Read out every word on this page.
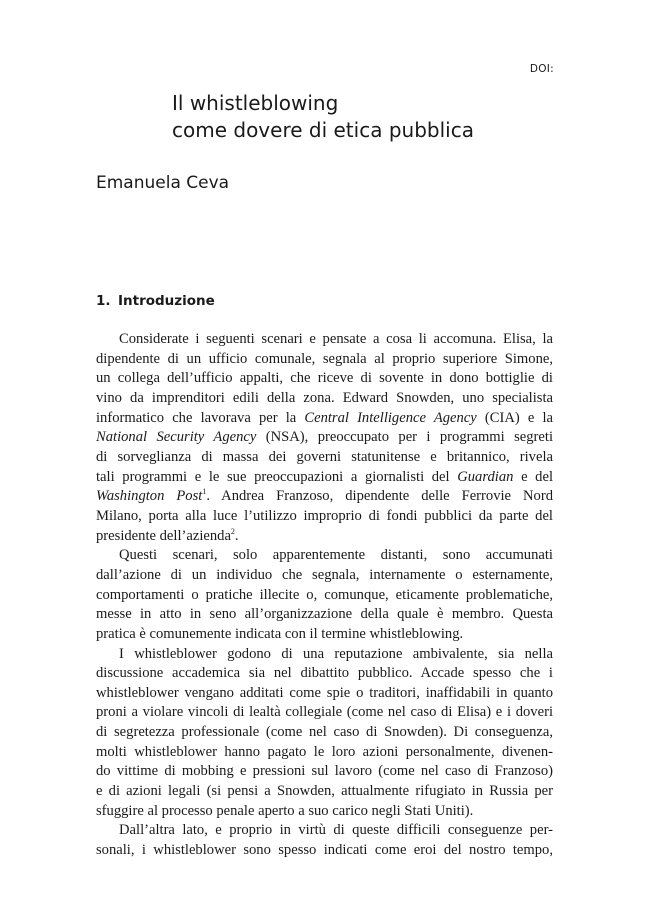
DOI:
Il whistleblowing
come dovere di etica pubblica
Emanuela Ceva
1. Introduzione
Considerate i seguenti scenari e pensate a cosa li accomuna. Elisa, la
dipendente di un ufficio comunale, segnala al proprio superiore Simone,
un collega dell’ufficio appalti, che riceve di sovente in dono bottiglie di
vino da imprenditori edili della zona. Edward Snowden, uno specialista
informatico che lavorava per la Central Intelligence Agency (CIA) e la
National Security Agency (NSA), preoccupato per i programmi segreti
di sorveglianza di massa dei governi statunitense e britannico, rivela
tali programmi e le sue preoccupazioni a giornalisti del Guardian e del
Washington Post$^1$. Andrea Franzoso, dipendente delle Ferrovie Nord
Milano, porta alla luce l’utilizzo improprio di fondi pubblici da parte del
presidente dell’azienda$^2$.
Questi scenari, solo apparentemente distanti, sono accumunati
dall’azione di un individuo che segnala, internamente o esternamente,
comportamenti o pratiche illecite o, comunque, eticamente problematiche,
messe in atto in seno all’organizzazione della quale è membro. Questa
pratica è comunemente indicata con il termine whistleblowing.
I whistleblower godono di una reputazione ambivalente, sia nella
discussione accademica sia nel dibattito pubblico. Accade spesso che i
whistleblower vengano additati come spie o traditori, inaffidabili in quanto
proni a violare vincoli di lealtà collegiale (come nel caso di Elisa) e i doveri
di segretezza professionale (come nel caso di Snowden). Di conseguenza,
molti whistleblower hanno pagato le loro azioni personalmente, divenen-
do vittime di mobbing e pressioni sul lavoro (come nel caso di Franzoso)
e di azioni legali (si pensi a Snowden, attualmente rifugiato in Russia per
sfuggire al processo penale aperto a suo carico negli Stati Uniti).
Dall’altra lato, e proprio in virtù di queste difficili conseguenze per-
sonali, i whistleblower sono spesso indicati come eroi del nostro tempo,
